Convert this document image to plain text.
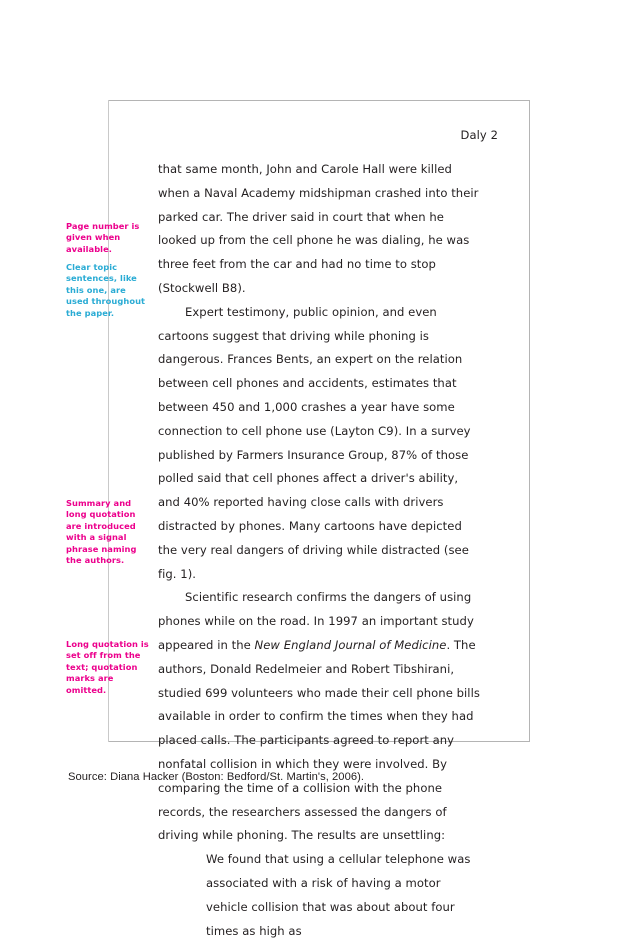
Daly 2

that same month, John and Carole Hall were killed when a Naval Academy midshipman crashed into their parked car. The driver said in court that when he looked up from the cell phone he was dialing, he was three feet from the car and had no time to stop (Stockwell B8).

Expert testimony, public opinion, and even cartoons suggest that driving while phoning is dangerous. Frances Bents, an expert on the relation between cell phones and accidents, estimates that between 450 and 1,000 crashes a year have some connection to cell phone use (Layton C9). In a survey published by Farmers Insurance Group, 87% of those polled said that cell phones affect a driver's ability, and 40% reported having close calls with drivers distracted by phones. Many cartoons have depicted the very real dangers of driving while distracted (see fig. 1).

Scientific research confirms the dangers of using phones while on the road. In 1997 an important study appeared in the New England Journal of Medicine. The authors, Donald Redelmeier and Robert Tibshirani, studied 699 volunteers who made their cell phone bills available in order to confirm the times when they had placed calls. The participants agreed to report any nonfatal collision in which they were involved. By comparing the time of a collision with the phone records, the researchers assessed the dangers of driving while phoning. The results are unsettling:

We found that using a cellular telephone was associated with a risk of having a motor vehicle collision that was about about four times as high as

Page number is given when available.
Clear topic sentences, like this one, are used throughout the paper.
Summary and long quotation are introduced with a signal phrase naming the authors.
Long quotation is set off from the text; quotation marks are omitted.
Source: Diana Hacker (Boston: Bedford/St. Martin's, 2006).
